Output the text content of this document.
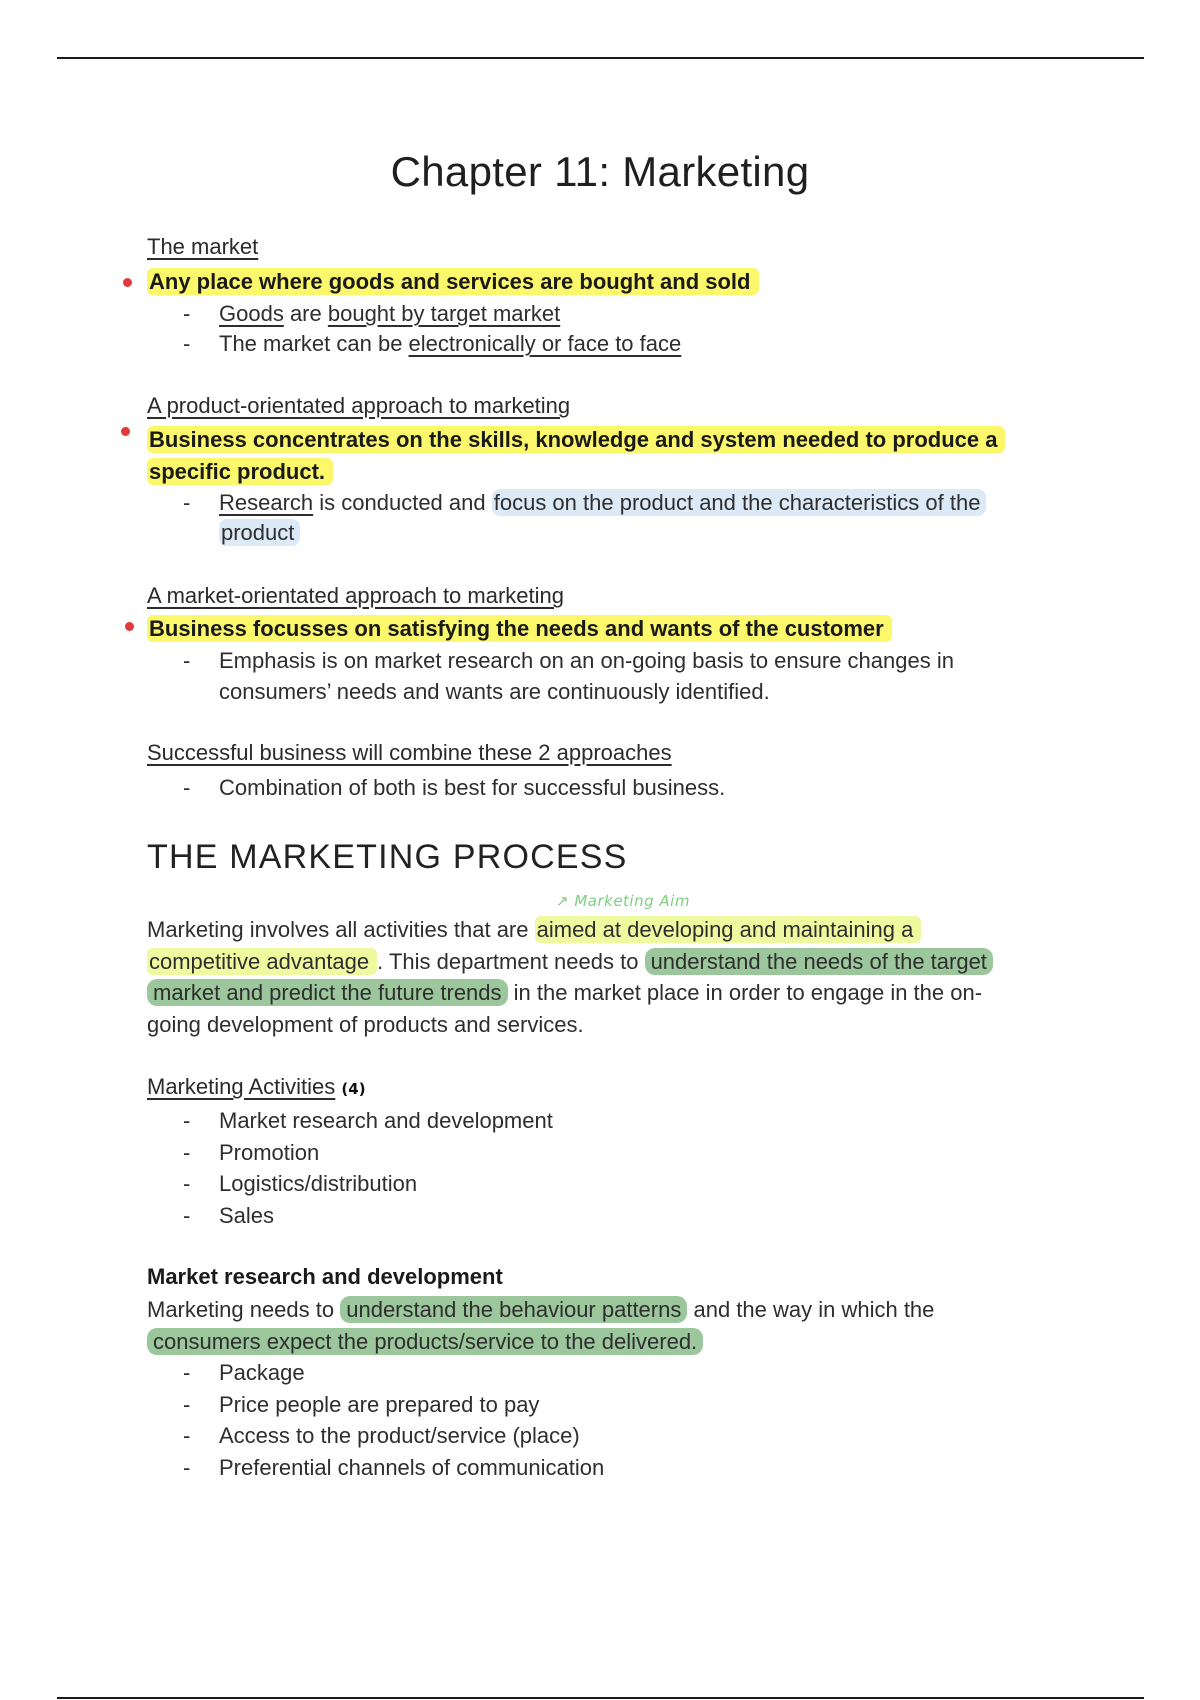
Chapter 11: Marketing
The market
Any place where goods and services are bought and sold
- Goods are bought by target market
- The market can be electronically or face to face
A product-orientated approach to marketing
Business concentrates on the skills, knowledge and system needed to produce a specific product.
- Research is conducted and focus on the product and the characteristics of the product
A market-orientated approach to marketing
Business focusses on satisfying the needs and wants of the customer
- Emphasis is on market research on an on-going basis to ensure changes in consumers’ needs and wants are continuously identified.
Successful business will combine these 2 approaches
- Combination of both is best for successful business.
THE MARKETING PROCESS
↗ Marketing Aim
Marketing involves all activities that are aimed at developing and maintaining a competitive advantage . This department needs to understand the needs of the target market and predict the future trends in the market place in order to engage in the on-going development of products and services.
Marketing Activities (4)
- Market research and development
- Promotion
- Logistics/distribution
- Sales
Market research and development
Marketing needs to understand the behaviour patterns and the way in which the consumers expect the products/service to the delivered.
- Package
- Price people are prepared to pay
- Access to the product/service (place)
- Preferential channels of communication
